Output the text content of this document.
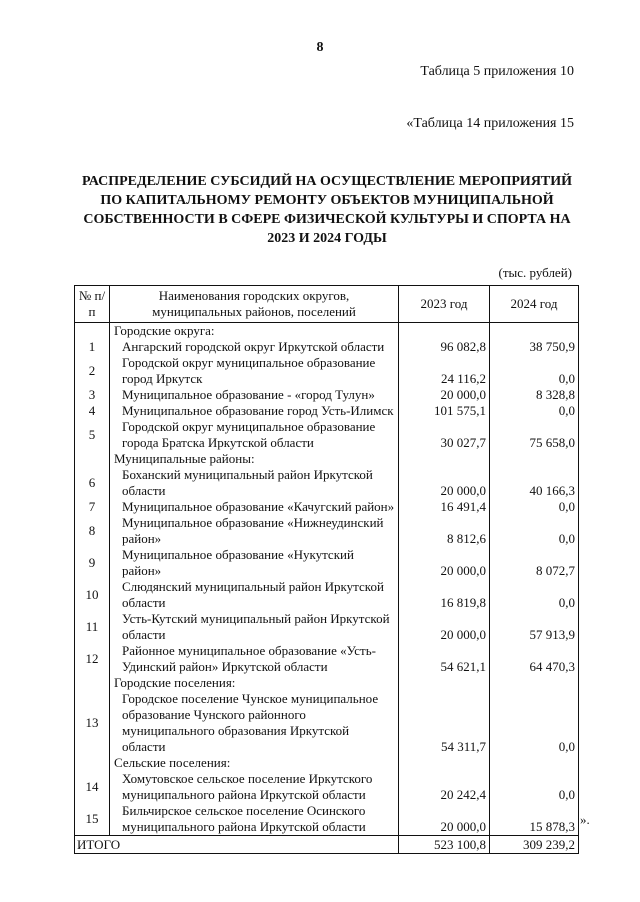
8
Таблица 5 приложения 10
«Таблица 14 приложения 15
РАСПРЕДЕЛЕНИЕ СУБСИДИЙ НА ОСУЩЕСТВЛЕНИЕ МЕРОПРИЯТИЙ ПО КАПИТАЛЬНОМУ РЕМОНТУ ОБЪЕКТОВ МУНИЦИПАЛЬНОЙ СОБСТВЕННОСТИ В СФЕРЕ ФИЗИЧЕСКОЙ КУЛЬТУРЫ И СПОРТА НА 2023 И 2024 ГОДЫ
(тыс. рублей)
№ п/п	Наименования городских округов, муниципальных районов, поселений	2023 год	2024 год
	Городские округа:		
1	Ангарский городской округ Иркутской области	96 082,8	38 750,9
2	Городской округ муниципальное образование город Иркутск	24 116,2	0,0
3	Муниципальное образование - «город Тулун»	20 000,0	8 328,8
4	Муниципальное образование город Усть-Илимск	101 575,1	0,0
5	Городской округ муниципальное образование города Братска Иркутской области	30 027,7	75 658,0
	Муниципальные районы:		
6	Боханский муниципальный район Иркутской области	20 000,0	40 166,3
7	Муниципальное образование «Качугский район»	16 491,4	0,0
8	Муниципальное образование «Нижнеудинский район»	8 812,6	0,0
9	Муниципальное образование «Нукутский район»	20 000,0	8 072,7
10	Слюдянский муниципальный район Иркутской области	16 819,8	0,0
11	Усть-Кутский муниципальный район Иркутской области	20 000,0	57 913,9
12	Районное муниципальное образование «Усть-Удинский район» Иркутской области	54 621,1	64 470,3
	Городские поселения:		
13	Городское поселение Чунское муниципальное образование Чунского районного муниципального образования Иркутской области	54 311,7	0,0
	Сельские поселения:		
14	Хомутовское сельское поселение Иркутского муниципального района Иркутской области	20 242,4	0,0
15	Бильчирское сельское поселение Осинского муниципального района Иркутской области	20 000,0	15 878,3
ИТОГО		523 100,8	309 239,2
».
